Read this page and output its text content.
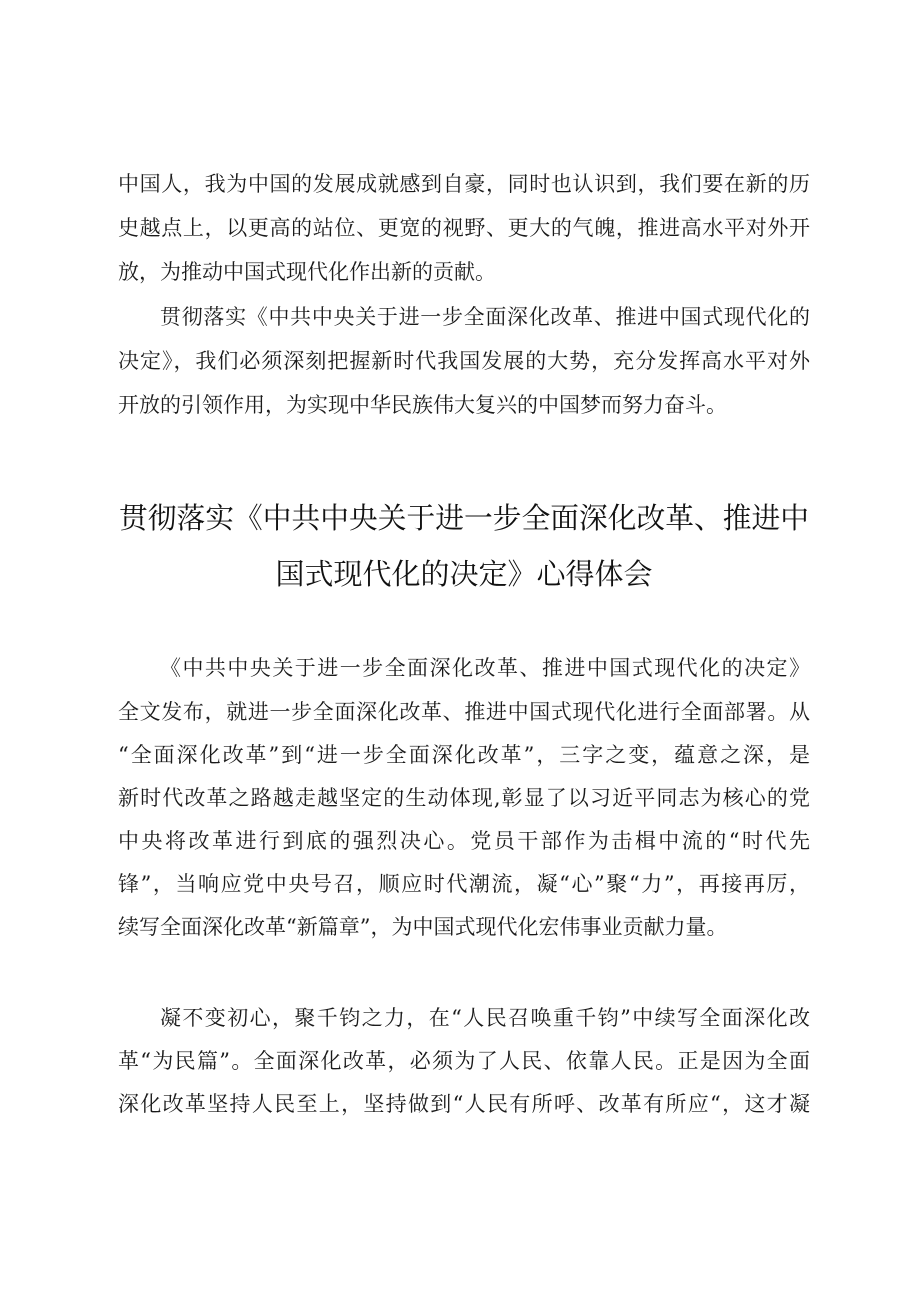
中国人，我为中国的发展成就感到自豪，同时也认识到，我们要在新的历
史越点上，以更高的站位、更宽的视野、更大的气魄，推进高水平对外开
放，为推动中国式现代化作出新的贡献。
贯彻落实《中共中央关于进一步全面深化改革、推进中国式现代化的
决定》，我们必须深刻把握新时代我国发展的大势，充分发挥高水平对外
开放的引领作用，为实现中华民族伟大复兴的中国梦而努力奋斗。
贯彻落实《中共中央关于进一步全面深化改革、推进中
国式现代化的决定》心得体会
《中共中央关于进一步全面深化改革、推进中国式现代化的决定》
全文发布，就进一步全面深化改革、推进中国式现代化进行全面部署。从
“全面深化改革”到“进一步全面深化改革”，三字之变，蕴意之深，是
新时代改革之路越走越坚定的生动体现,彰显了以习近平同志为核心的党
中央将改革进行到底的强烈决心。党员干部作为击楫中流的“时代先
锋”，当响应党中央号召，顺应时代潮流，凝“心”聚“力”，再接再厉，
续写全面深化改革“新篇章”，为中国式现代化宏伟事业贡献力量。
凝不变初心，聚千钧之力，在“人民召唤重千钧”中续写全面深化改
革“为民篇”。全面深化改革，必须为了人民、依靠人民。正是因为全面
深化改革坚持人民至上，坚持做到“人民有所呼、改革有所应“，这才凝
